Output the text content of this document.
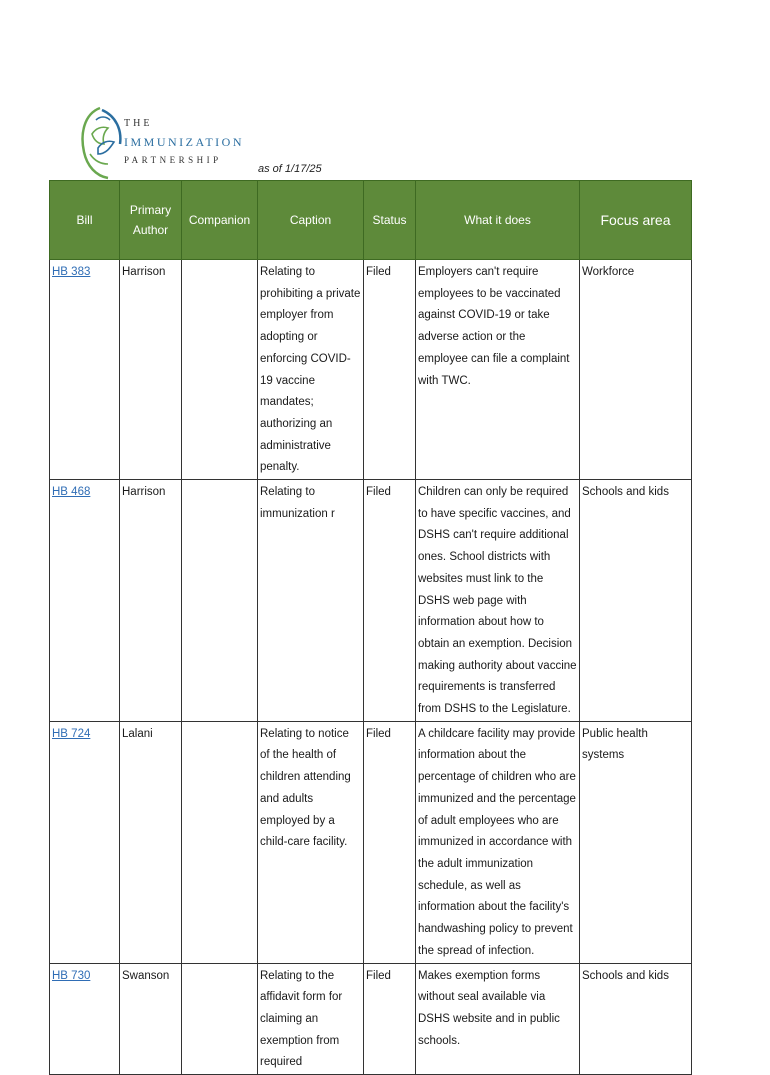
THE
IMMUNIZATION
PARTNERSHIP
as of 1/17/25
Bill	Primary Author	Companion	Caption	Status	What it does	Focus area
HB 383	Harrison		Relating to prohibiting a private employer from adopting or enforcing COVID-19 vaccine mandates; authorizing an administrative penalty.	Filed	Employers can't require employees to be vaccinated against COVID-19 or take adverse action or the employee can file a complaint with TWC.	Workforce
HB 468	Harrison		Relating to immunization r	Filed	Children can only be required to have specific vaccines, and DSHS can't require additional ones. School districts with websites must link to the DSHS web page with information about how to obtain an exemption. Decision making authority about vaccine requirements is transferred from DSHS to the Legislature.	Schools and kids
HB 724	Lalani		Relating to notice of the health of children attending and adults employed by a child-care facility.	Filed	A childcare facility may provide information about the percentage of children who are immunized and the percentage of adult employees who are immunized in accordance with the adult immunization schedule, as well as information about the facility's handwashing policy to prevent the spread of infection.	Public health systems
HB 730	Swanson		Relating to the affidavit form for claiming an exemption from required	Filed	Makes exemption forms without seal available via DSHS website and in public schools.	Schools and kids
